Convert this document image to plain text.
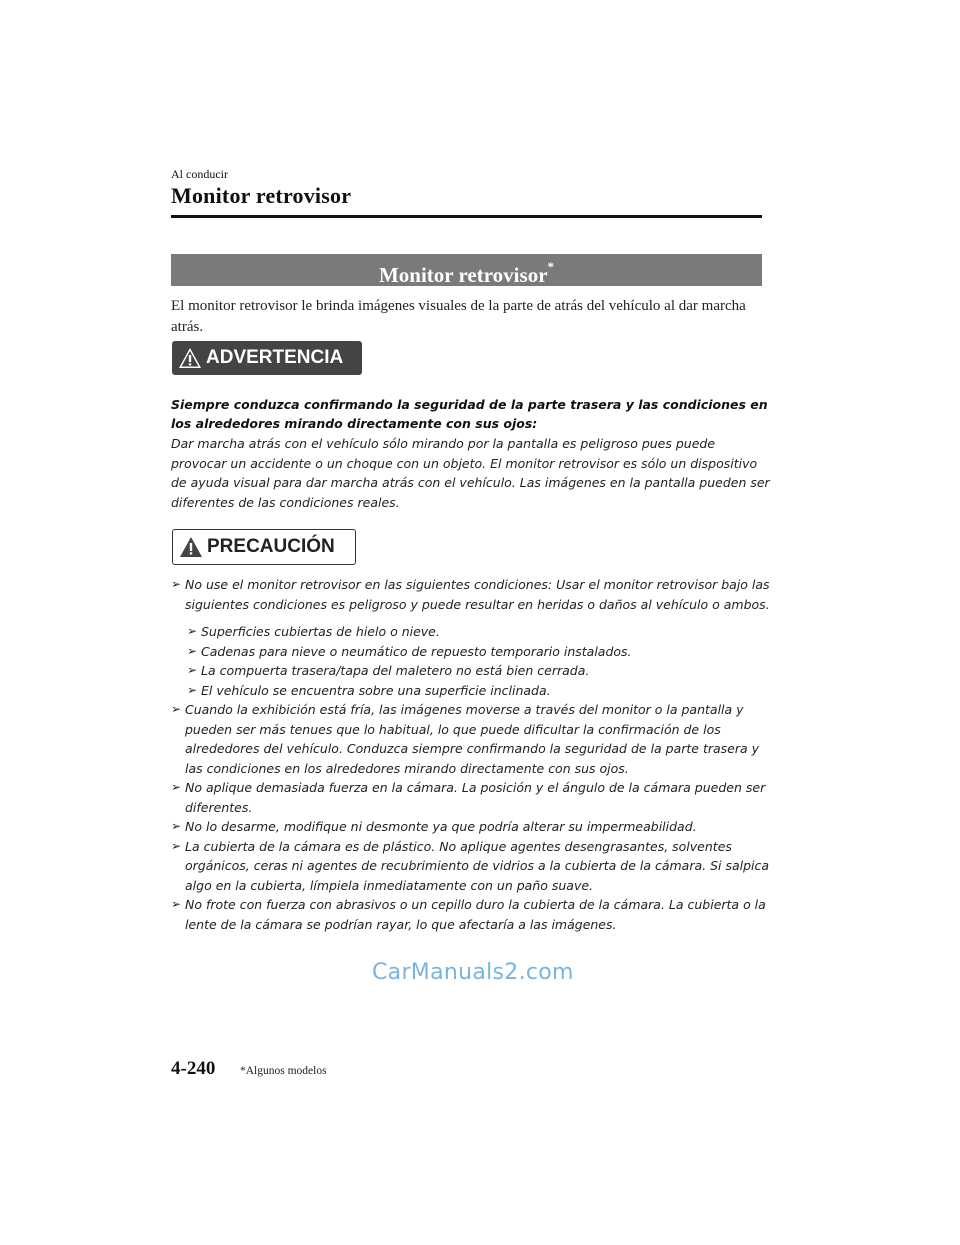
Al conducir
Monitor retrovisor
Monitor retrovisor*
El monitor retrovisor le brinda imágenes visuales de la parte de atrás del vehículo al dar marcha atrás.
ADVERTENCIA
Siempre conduzca confirmando la seguridad de la parte trasera y las condiciones en los alrededores mirando directamente con sus ojos:
Dar marcha atrás con el vehículo sólo mirando por la pantalla es peligroso pues puede provocar un accidente o un choque con un objeto. El monitor retrovisor es sólo un dispositivo de ayuda visual para dar marcha atrás con el vehículo. Las imágenes en la pantalla pueden ser diferentes de las condiciones reales.
PRECAUCIÓN
➢ No use el monitor retrovisor en las siguientes condiciones: Usar el monitor retrovisor bajo las siguientes condiciones es peligroso y puede resultar en heridas o daños al vehículo o ambos.
➢ Superficies cubiertas de hielo o nieve.
➢ Cadenas para nieve o neumático de repuesto temporario instalados.
➢ La compuerta trasera/tapa del maletero no está bien cerrada.
➢ El vehículo se encuentra sobre una superficie inclinada.
➢ Cuando la exhibición está fría, las imágenes moverse a través del monitor o la pantalla y pueden ser más tenues que lo habitual, lo que puede dificultar la confirmación de los alrededores del vehículo. Conduzca siempre confirmando la seguridad de la parte trasera y las condiciones en los alrededores mirando directamente con sus ojos.
➢ No aplique demasiada fuerza en la cámara. La posición y el ángulo de la cámara pueden ser diferentes.
➢ No lo desarme, modifique ni desmonte ya que podría alterar su impermeabilidad.
➢ La cubierta de la cámara es de plástico. No aplique agentes desengrasantes, solventes orgánicos, ceras ni agentes de recubrimiento de vidrios a la cubierta de la cámara. Si salpica algo en la cubierta, límpiela inmediatamente con un paño suave.
➢ No frote con fuerza con abrasivos o un cepillo duro la cubierta de la cámara. La cubierta o la lente de la cámara se podrían rayar, lo que afectaría a las imágenes.
CarManuals2.com
4-240 *Algunos modelos
